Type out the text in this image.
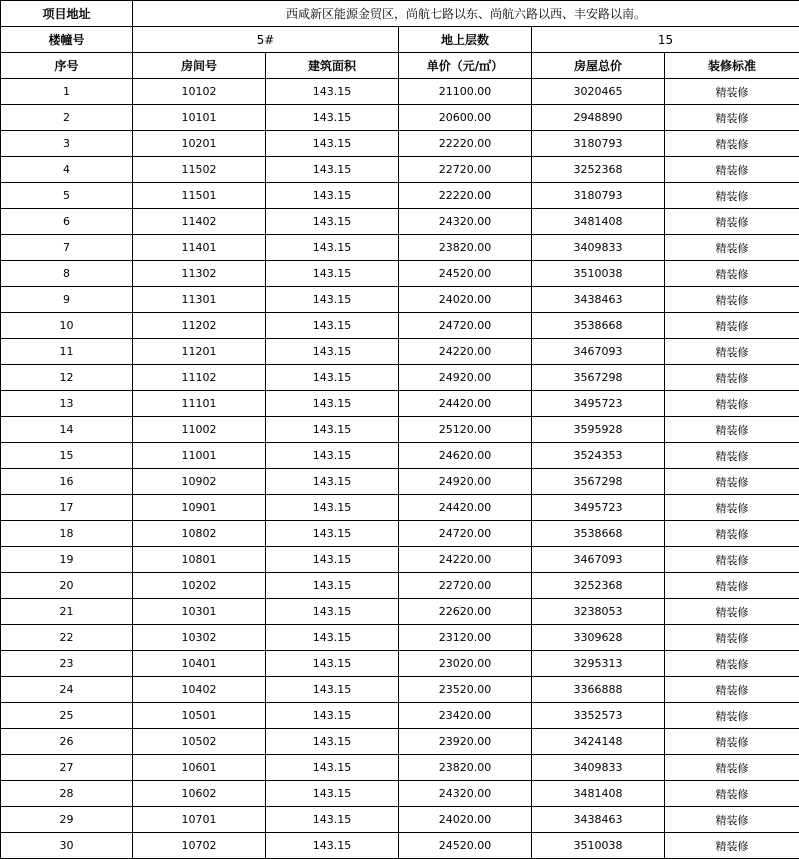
项目地址	西咸新区能源金贸区，尚航七路以东、尚航六路以西、丰安路以南。				
楼幢号	5#		地上层数	15	
序号	房间号	建筑面积	单价（元/㎡）	房屋总价	装修标准
1	10102	143.15	21100.00	3020465	精装修
2	10101	143.15	20600.00	2948890	精装修
3	10201	143.15	22220.00	3180793	精装修
4	11502	143.15	22720.00	3252368	精装修
5	11501	143.15	22220.00	3180793	精装修
6	11402	143.15	24320.00	3481408	精装修
7	11401	143.15	23820.00	3409833	精装修
8	11302	143.15	24520.00	3510038	精装修
9	11301	143.15	24020.00	3438463	精装修
10	11202	143.15	24720.00	3538668	精装修
11	11201	143.15	24220.00	3467093	精装修
12	11102	143.15	24920.00	3567298	精装修
13	11101	143.15	24420.00	3495723	精装修
14	11002	143.15	25120.00	3595928	精装修
15	11001	143.15	24620.00	3524353	精装修
16	10902	143.15	24920.00	3567298	精装修
17	10901	143.15	24420.00	3495723	精装修
18	10802	143.15	24720.00	3538668	精装修
19	10801	143.15	24220.00	3467093	精装修
20	10202	143.15	22720.00	3252368	精装修
21	10301	143.15	22620.00	3238053	精装修
22	10302	143.15	23120.00	3309628	精装修
23	10401	143.15	23020.00	3295313	精装修
24	10402	143.15	23520.00	3366888	精装修
25	10501	143.15	23420.00	3352573	精装修
26	10502	143.15	23920.00	3424148	精装修
27	10601	143.15	23820.00	3409833	精装修
28	10602	143.15	24320.00	3481408	精装修
29	10701	143.15	24020.00	3438463	精装修
30	10702	143.15	24520.00	3510038	精装修
